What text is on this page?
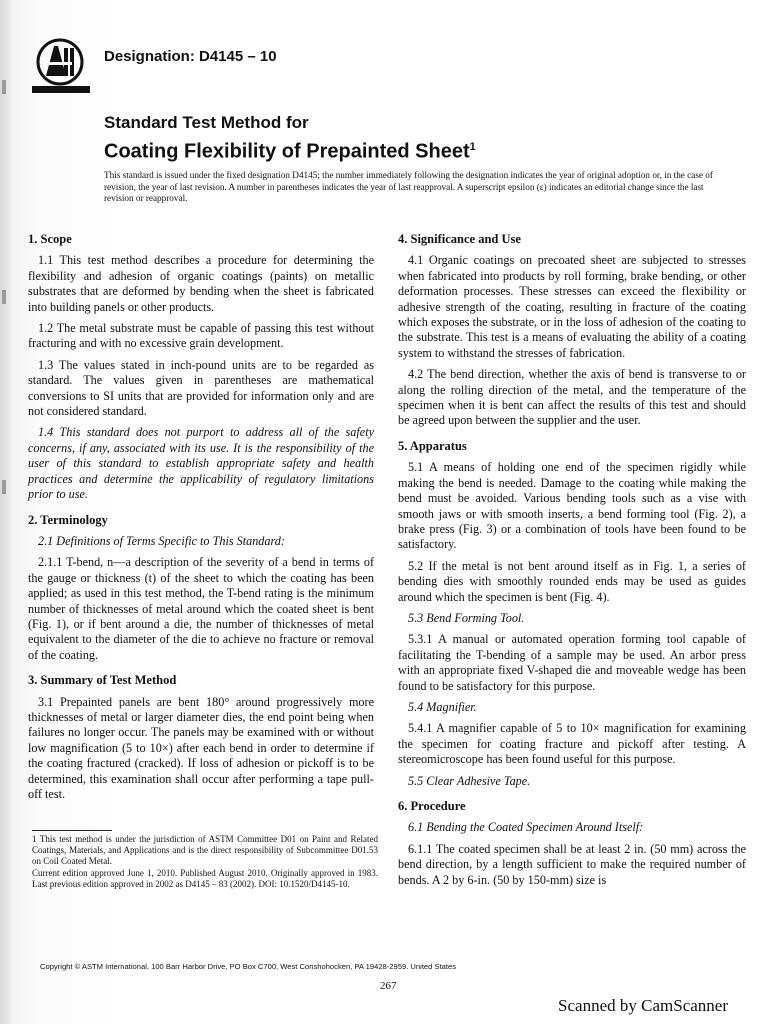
Designation: D4145 – 10

Standard Test Method for

Coating Flexibility of Prepainted Sheet$^1$

This standard is issued under the fixed designation D4145; the number immediately following the designation indicates the year of original adoption or, in the case of revision, the year of last revision. A number in parentheses indicates the year of last reapproval. A superscript epsilon (ε) indicates an editorial change since the last revision or reapproval.
1. Scope

1.1 This test method describes a procedure for determining the flexibility and adhesion of organic coatings (paints) on metallic substrates that are deformed by bending when the sheet is fabricated into building panels or other products.

1.2 The metal substrate must be capable of passing this test without fracturing and with no excessive grain development.

1.3 The values stated in inch-pound units are to be regarded as standard. The values given in parentheses are mathematical conversions to SI units that are provided for information only and are not considered standard.

1.4 This standard does not purport to address all of the safety concerns, if any, associated with its use. It is the responsibility of the user of this standard to establish appropriate safety and health practices and determine the applicability of regulatory limitations prior to use.

2. Terminology

2.1 Definitions of Terms Specific to This Standard:

2.1.1 T-bend, n—a description of the severity of a bend in terms of the gauge or thickness (t) of the sheet to which the coating has been applied; as used in this test method, the T-bend rating is the minimum number of thicknesses of metal around which the coated sheet is bent (Fig. 1), or if bent around a die, the number of thicknesses of metal equivalent to the diameter of the die to achieve no fracture or removal of the coating.

3. Summary of Test Method

3.1 Prepainted panels are bent 180° around progressively more thicknesses of metal or larger diameter dies, the end point being when failures no longer occur. The panels may be examined with or without low magnification (5 to 10×) after each bend in order to determine if the coating fractured (cracked). If loss of adhesion or pickoff is to be determined, this examination shall occur after performing a tape pull-off test.

1 This test method is under the jurisdiction of ASTM Committee D01 on Paint and Related Coatings, Materials, and Applications and is the direct responsibility of Subcommittee D01.53 on Coil Coated Metal.

Current edition approved June 1, 2010. Published August 2010. Originally approved in 1983. Last previous edition approved in 2002 as D4145 – 83 (2002). DOI: 10.1520/D4145-10.

4. Significance and Use

4.1 Organic coatings on precoated sheet are subjected to stresses when fabricated into products by roll forming, brake bending, or other deformation processes. These stresses can exceed the flexibility or adhesive strength of the coating, resulting in fracture of the coating which exposes the substrate, or in the loss of adhesion of the coating to the substrate. This test is a means of evaluating the ability of a coating system to withstand the stresses of fabrication.

4.2 The bend direction, whether the axis of bend is transverse to or along the rolling direction of the metal, and the temperature of the specimen when it is bent can affect the results of this test and should be agreed upon between the supplier and the user.

5. Apparatus

5.1 A means of holding one end of the specimen rigidly while making the bend is needed. Damage to the coating while making the bend must be avoided. Various bending tools such as a vise with smooth jaws or with smooth inserts, a bend forming tool (Fig. 2), a brake press (Fig. 3) or a combination of tools have been found to be satisfactory.

5.2 If the metal is not bent around itself as in Fig. 1, a series of bending dies with smoothly rounded ends may be used as guides around which the specimen is bent (Fig. 4).

5.3 Bend Forming Tool.

5.3.1 A manual or automated operation forming tool capable of facilitating the T-bending of a sample may be used. An arbor press with an appropriate fixed V-shaped die and moveable wedge has been found to be satisfactory for this purpose.

5.4 Magnifier.

5.4.1 A magnifier capable of 5 to 10× magnification for examining the specimen for coating fracture and pickoff after testing. A stereomicroscope has been found useful for this purpose.

5.5 Clear Adhesive Tape.

6. Procedure

6.1 Bending the Coated Specimen Around Itself:

6.1.1 The coated specimen shall be at least 2 in. (50 mm) across the bend direction, by a length sufficient to make the required number of bends. A 2 by 6-in. (50 by 150-mm) size is

Copyright © ASTM International, 100 Barr Harbor Drive, PO Box C700, West Conshohocken, PA 19428-2959. United States
267
Scanned by CamScanner
